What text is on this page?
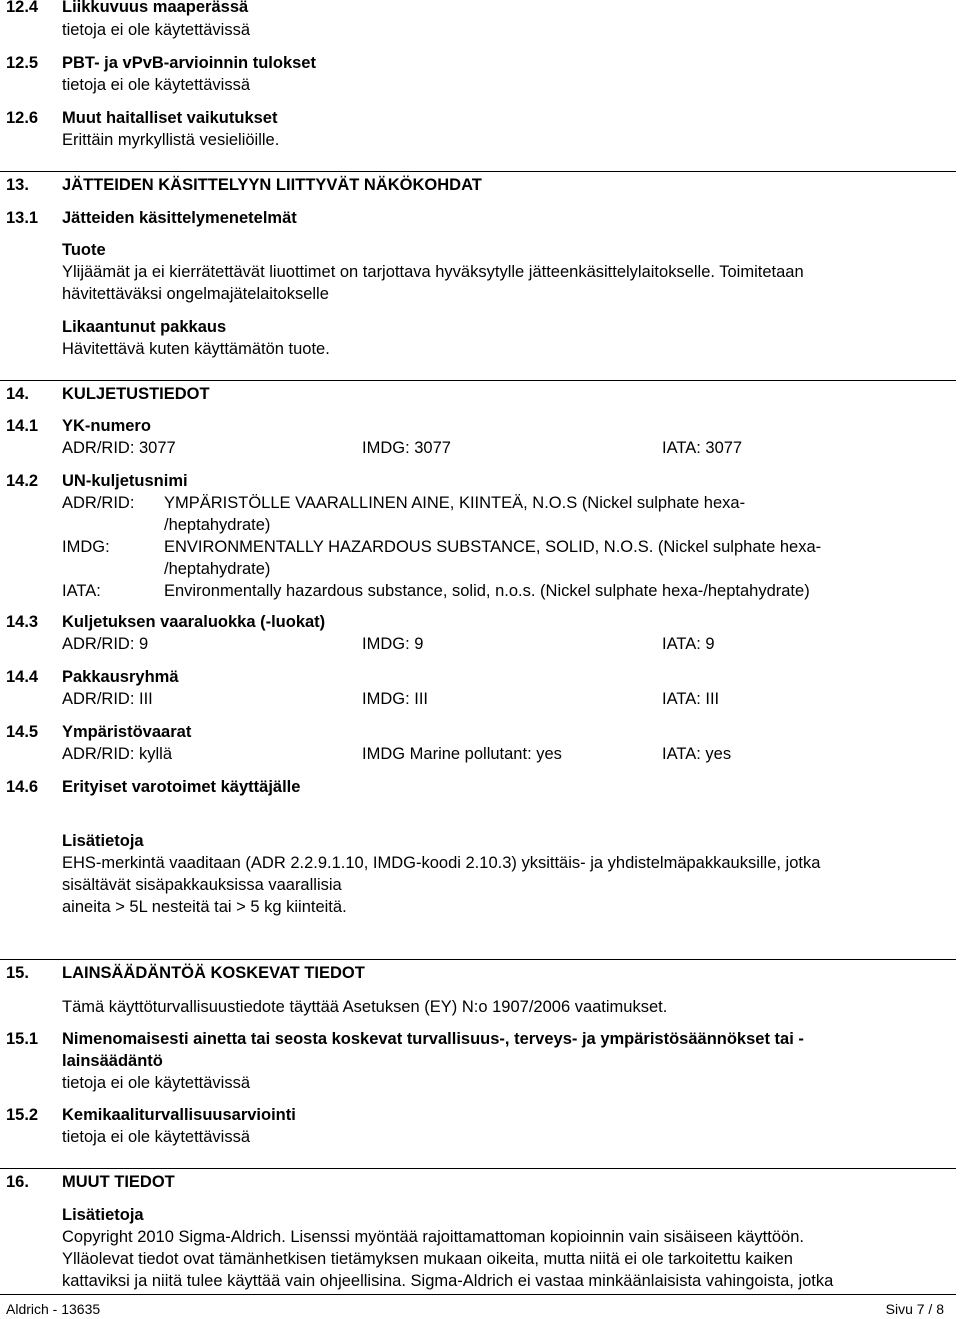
12.4 Liikkuvuus maaperässä
tietoja ei ole käytettävissä
12.5 PBT- ja vPvB-arvioinnin tulokset
tietoja ei ole käytettävissä
12.6 Muut haitalliset vaikutukset
Erittäin myrkyllistä vesieliöille.
13. JÄTTEIDEN KÄSITTELYYN LIITTYVÄT NÄKÖKOHDAT
13.1 Jätteiden käsittelymenetelmät
Tuote
Ylijäämät ja ei kierrätettävät liuottimet on tarjottava hyväksytylle jätteenkäsittelylaitokselle. Toimitetaan
hävitettäväksi ongelmajätelaitokselle
Likaantunut pakkaus
Hävitettävä kuten käyttämätön tuote.
14. KULJETUSTIEDOT
14.1 YK-numero
ADR/RID: 3077	IMDG: 3077	IATA: 3077
14.2 UN-kuljetusnimi
ADR/RID: YMPÄRISTÖLLE VAARALLINEN AINE, KIINTEÄ, N.O.S (Nickel sulphate hexa-
/heptahydrate)
IMDG:	ENVIRONMENTALLY HAZARDOUS SUBSTANCE, SOLID, N.O.S. (Nickel sulphate hexa-
/heptahydrate)
IATA:	Environmentally hazardous substance, solid, n.o.s. (Nickel sulphate hexa-/heptahydrate)
14.3 Kuljetuksen vaaraluokka (-luokat)
ADR/RID: 9	IMDG: 9	IATA: 9
14.4 Pakkausryhmä
ADR/RID: III	IMDG: III	IATA: III
14.5 Ympäristövaarat
ADR/RID: kyllä	IMDG Marine pollutant: yes	IATA: yes
14.6 Erityiset varotoimet käyttäjälle
Lisätietoja
EHS-merkintä vaaditaan (ADR 2.2.9.1.10, IMDG-koodi 2.10.3) yksittäis- ja yhdistelmäpakkauksille, jotka
sisältävät sisäpakkauksissa vaarallisia
aineita > 5L nesteitä tai > 5 kg kiinteitä.
15. LAINSÄÄDÄNTÖÄ KOSKEVAT TIEDOT
Tämä käyttöturvallisuustiedote täyttää Asetuksen (EY) N:o 1907/2006 vaatimukset.
15.1 Nimenomaisesti ainetta tai seosta koskevat turvallisuus-, terveys- ja ympäristösäännökset tai -
lainsäädäntö
tietoja ei ole käytettävissä
15.2 Kemikaaliturvallisuusarviointi
tietoja ei ole käytettävissä
16. MUUT TIEDOT
Lisätietoja
Copyright 2010 Sigma-Aldrich. Lisenssi myöntää rajoittamattoman kopioinnin vain sisäiseen käyttöön.
Ylläolevat tiedot ovat tämänhetkisen tietämyksen mukaan oikeita, mutta niitä ei ole tarkoitettu kaiken
kattaviksi ja niitä tulee käyttää vain ohjeellisina. Sigma-Aldrich ei vastaa minkäänlaisista vahingoista, jotka
Aldrich - 13635	Sivu 7 / 8
